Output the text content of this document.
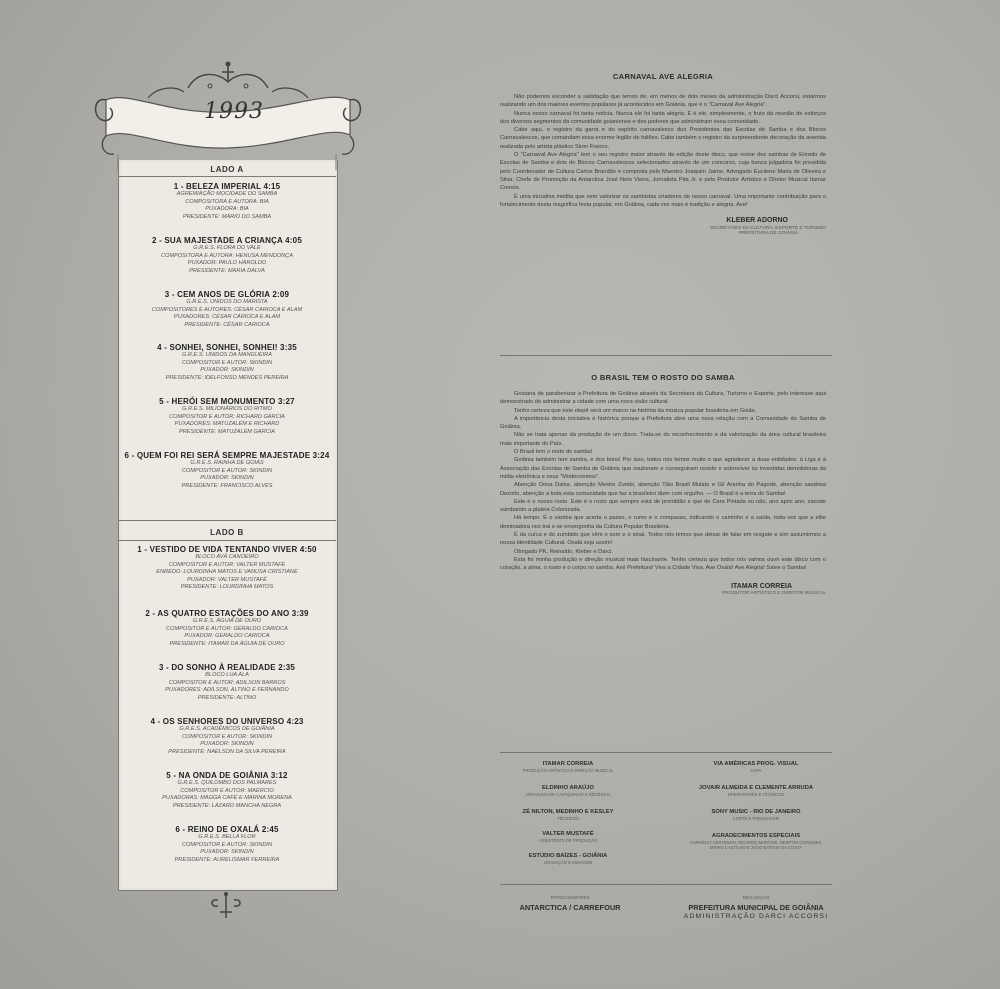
1993
LADO A
1 - BELEZA IMPERIAL 4:15
AGREMIAÇÃO MOCIDADE DO SAMBA
COMPOSITORA E AUTORA: BIA
PUXADORA: BIA
PRESIDENTE: MÁRIO DO SAMBA
2 - SUA MAJESTADE A CRIANÇA 4:05
G.R.E.S. FLORA DO VALE
COMPOSITORA E AUTORA: HENUSA MENDONÇA
PUXADOR: PAULO HAROLDO
PRESIDENTE: MARIA DALVA
3 - CEM ANOS DE GLÓRIA 2:09
G.R.E.S. UNIDOS DO MARISTA
COMPOSITORES E AUTORES: CÉSAR CARIOCA E ALAM
PUXADORES: CÉSAR CARIOCA E ALAM
PRESIDENTE: CÉSAR CARIOCA
4 - SONHEI, SONHEI, SONHEI! 3:35
G.R.E.S. UNIDOS DA MANGUEIRA
COMPOSITOR E AUTOR: SKINDIN
PUXADOR: SKINDIN
PRESIDENTE: IDELFONSO MENDES PEREIRA
5 - HERÓI SEM MONUMENTO 3:27
G.R.E.S. MILIONÁRIOS DO RITMO
COMPOSITOR E AUTOR: RICHARD GARCIA
PUXADORES: MATUZALÉM E RICHARD
PRESIDENTE: MATUZALÉM GARCIA
6 - QUEM FOI REI SERÁ SEMPRE MAJESTADE 3:24
G.R.E.S. RAINHA DE GOIÁS
COMPOSITOR E AUTOR: SKINDIN
PUXADOR: SKINDIN
PRESIDENTE: FRANCISCO ALVES
LADO B
1 - VESTIDO DE VIDA TENTANDO VIVER 4:50
BLOCO AVÁ CANOEIRO
COMPOSITOR E AUTOR: VALTER MUSTAFÉ
ENREDO: LOURDINHA MATOS E VANUSA CRISTIANE
PUXADOR: VALTER MUSTAFÉ
PRESIDENTE: LOURDINHA MATOS
2 - AS QUATRO ESTAÇÕES DO ANO 3:39
G.R.E.S. ÁGUIA DE OURO
COMPOSITOR E AUTOR: GERALDO CARIOCA
PUXADOR: GERALDO CARIOCA
PRESIDENTE: ITAMAR DA ÁGUIA DE OURO
3 - DO SONHO À REALIDADE 2:35
BLOCO LUA ALA
COMPOSITOR E AUTOR: ADILSON BARROS
PUXADORES: ADILSON, ALTINO E FERNANDO
PRESIDENTE: ALTINO
4 - OS SENHORES DO UNIVERSO 4:23
G.R.E.S. ACADÊMICOS DE GOIÂNIA
COMPOSITOR E AUTOR: SKINDIN
PUXADOR: SKINDIN
PRESIDENTE: NAELSON DA SILVA PEREIRA
5 - NA ONDA DE GOIÂNIA 3:12
G.R.E.S. QUILOMBO DOS PALMARES
COMPOSITOR E AUTOR: MAÉRCIO
PUXADORAS: MAGGA CAFÉ E MARINA MORENA
PRESIDENTE: LÁZARO MANCHA NEGRA
6 - REINO DE OXALÁ 2:45
G.R.E.S. BELLA FLOR
COMPOSITOR E AUTOR: SKINDIN
PUXADOR: SKINDIN
PRESIDENTE: AURELISMAR FERREIRA
CARNAVAL AVE ALEGRIA

Não podemos esconder a satisfação que temos de, em menos de dois meses da administração Darci Accorsi, estarmos realizando um dos maiores eventos populares já acontecidos em Goiânia, que é o "Carnaval Ave Alegria".

Nunca nosso carnaval foi tanta notícia. Nunca ele foi tanta alegria. E é ele, simplesmente, o fruto da reunião de esforços dos diversos segmentos da comunidade goianiense e dos poderes que administram essa comunidade.

Cabe aqui, o registro da garra e do espírito carnavalesco dos Presidentes das Escolas de Samba e dos Blocos Carnavalescos, que comandam essa enorme legião de foliões. Cabe também o registro da surpreendente decoração da avenida realizada pelo artista plástico Siron Franco.

O "Carnaval Ave Alegria" tem o seu registro maior através da edição deste disco, que reúne dez sambas de Enredo de Escolas de Samba e dois de Blocos Carnavalescos selecionados através de um concurso, cuja banca julgadora foi presidida pelo Coordenador de Cultura Carlos Brandão e composta pelo Maestro Joaquim Jaime, Advogado Eucilene Maria de Oliveira e Silva, Chefe de Promoção da Antarctica José Neto Vieira, Jornalista Pita Jr. e pelo Produtor Artístico e Diretor Musical Itamar Correia.

É uma iniciativa inédita que vem valorizar os sambistas criadores de nosso carnaval. Uma importante contribuição para o fortalecimento desta magnífica festa popular, em Goiânia, cada vez mais é tradição e alegria. Ave!

KLEBER ADORNO
SECRETÁRIO DA CULTURA, ESPORTE E TURISMO
PREFEITURA DE GOIÂNIA
O BRASIL TEM O ROSTO DO SAMBA

Gostaria de parabenizar a Prefeitura de Goiânia através da Secretaria da Cultura, Turismo e Esporte, pelo interesse aqui demonstrado de administrar a cidade com uma nova visão cultural.

Tenho certeza que este elepê será um marco na história da música popular brasileira em Goiás.

A importância desta iniciativa é histórica porque a Prefeitura abre uma nova relação com a Comunidade do Samba de Goiânia.

Não se trata apenas da produção de um disco. Trata-se do reconhecimento e da valorização da área cultural brasileira mais importante do País.

O Brasil tem o rosto do samba!

Goiânia também tem samba, e dos bons! Por isso, todos nós temos muito o que agradecer a duas entidades: à Liga e à Associação das Escolas de Samba de Goiânia que souberam e conseguiram resistir e sobreviver às investidas demolidoras da mídia eletrônica e seus "Modernismos".

Abenção Dona Dalva, abenção Mestre Zumbi, abenção Tião Brasil Mulato e Gil Aranha do Pagode, abenção saudosa Dezoito, abenção a toda esta comunidade que faz a brasileiro dizer com orgulho. — O Brasil é a terra do Samba!

Este é o nosso rosto. Este é o rosto que sempre está de prontidão e que de Cara Pintada ou não, ano após ano, sacode sambando a plateia Colonizada.

Há tempo. É o samba que acerta o passo, o rumo e o compasso, indicando o caminho e a saída, toda vez que a elite dominadora nos trai e se envergonha da Cultura Popular Brasileira.

É da cuíca e do zumbido que vêm o som e o sinal. Todos nós temos que deixar de falar em resgate e sim assumirmos a nossa identidade Cultural. Oxalá seja assim!

Obrigado PK, Reinaldo, Kleber e Darci.

Esta foi minha produção e direção musical mais fascinante. Tenho certeza que todos nós vamos ouvir este disco com o coração, a alma, o rosto e o corpo no samba. Axé Prefeitura! Viva a Cidade Viva. Ave Oxalá! Ave Alegria! Salve o Samba!

ITAMAR CORREIA
PRODUTOR ARTÍSTICO E DIRETOR MUSICAL
ITAMAR CORREIA
PRODUÇÃO ARTÍSTICA E DIREÇÃO MUSICAL
ELDINHO ARAÚJO
ARRANJOS DE CAVAQUINHO E REGÊNCIA
ZÉ NILTON, MEDINHO E KESLEY
TÉCNICOS
VALTER MUSTAFÉ
ASSISTENTE DE PRODUÇÃO
ESTÚDIO BAÍZES - GOIÂNIA
GRAVAÇÃO E MIXAGEM
VIA AMÉRICAS PROG. VISUAL
CAPA
JOVAIR ALMEIDA E CLEMENTE ARRUDA
OPERADORES E TÉCNICOS
SONY MUSIC - RIO DE JANEIRO
CORTE E PRENSAGEM
AGRADECIMENTOS ESPECIAIS
CORNÉLIO VESTEMAN, RICARDO MARTINS, NEWTON OLIRQUES, MÁRIO CASTILHO E JOÃO BATISTA DA COSTA
PATROCINADORES
ANTARCTICA / CARREFOUR
REALIZAÇÃO
PREFEITURA MUNICIPAL DE GOIÂNIA
ADMINISTRAÇÃO DARCI ACCORSI
